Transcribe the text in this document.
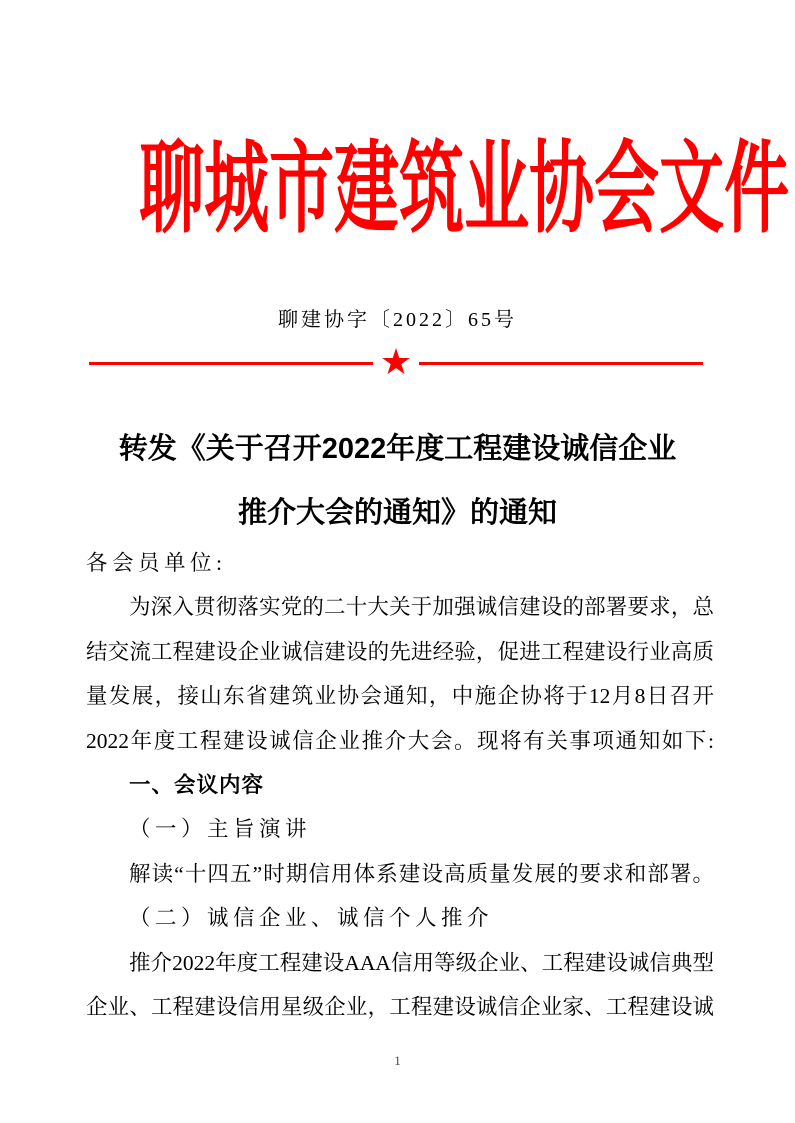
聊城市建筑业协会文件
聊建协字〔2022〕65号
★
转发《关于召开2022年度工程建设诚信企业
推介大会的通知》的通知
各会员单位:
为深入贯彻落实党的二十大关于加强诚信建设的部署要求，总
结交流工程建设企业诚信建设的先进经验，促进工程建设行业高质
量发展，接山东省建筑业协会通知，中施企协将于12月8日召开
2022年度工程建设诚信企业推介大会。现将有关事项通知如下:
一、会议内容
（一）主旨演讲
解读“十四五”时期信用体系建设高质量发展的要求和部署。
（二）诚信企业、诚信个人推介
推介2022年度工程建设AAA信用等级企业、工程建设诚信典型
企业、工程建设信用星级企业，工程建设诚信企业家、工程建设诚
1
